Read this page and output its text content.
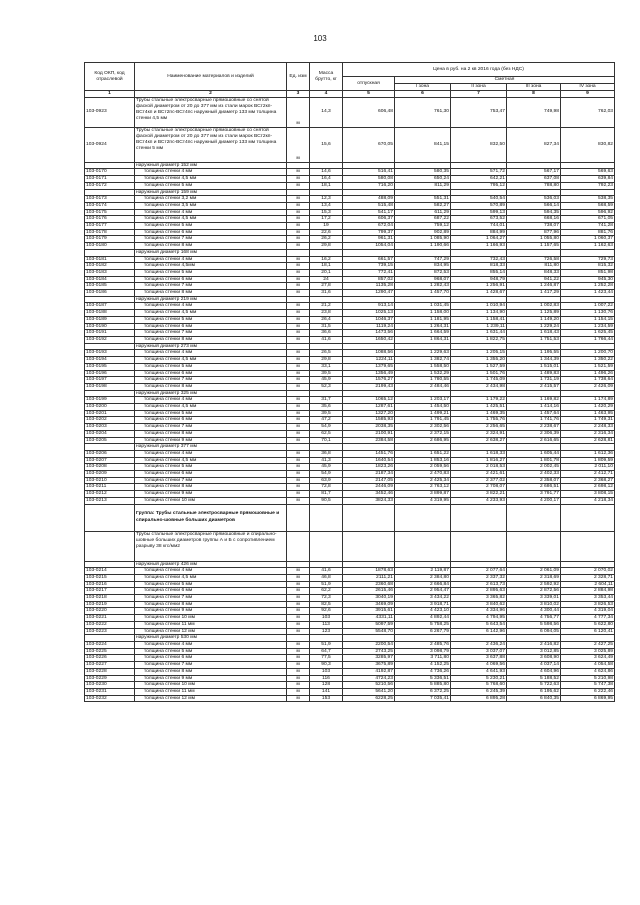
103
Код ОКП, код отраслевой	Наименование материалов и изделий	Ед. изм	Масса брутто, кг	Цена в руб. на 2 кв 2016 года (без НДС)				
				отпускная	Сметная			
					I зона	II зона	III зона	IV зона
1	2	3	4	5	6	7	8	9
103-0923	Трубы стальные электросварные прямошовные со снятой фаской диаметром от 20 до 377 мм из стали марок ВСт2кп-ВСт4кп и ВСт2пс-ВСт4пс наружный диаметр 133 мм толщина стенки 4,5 мм	м	14,3	606,48	761,30	753,47	749,98	762,03
103-0924	Трубы стальные электросварные прямошовные со снятой фаской диаметром от 20 до 377 мм из стали марок ВСт2кп-ВСт4кп и ВСт2пс-ВСт4пс наружный диаметр 133 мм толщина стенки 5 мм	м	15,6	670,05	841,15	832,50	827,34	830,82
	наружный диаметр 152 мм							
103-0170	толщина стенки 4 мм	м	14,6	516,41	580,35	571,72	567,17	569,63
103-0171	толщина стенки 4,5 мм	м	16,4	580,08	650,24	642,21	637,08	639,84
103-0172	толщина стенки 5 мм	м	18,1	716,20	811,29	795,12	788,80	792,23
	наружный диаметр 159 мм							
103-0173	толщина стенки 3,2 мм	м	12,3	488,09	551,31	540,54	536,03	538,35
103-0174	толщина стенки 3,5 мм	м	13,4	515,48	582,27	570,89	566,14	568,59
103-0175	толщина стенки 4 мм	м	15,3	541,17	611,29	599,13	594,35	596,92
103-0176	толщина стенки 4,5 мм	м	17,2	606,37	687,22	673,52	668,16	671,05
103-0177	толщина стенки 5 мм	м	19	672,04	759,12	744,01	738,07	741,28
103-0178	толщина стенки 6 мм	м	22,6	799,37	902,89	884,99	877,96	881,76
103-0179	толщина стенки 7 мм	м	26,2	961,31	1 085,90	1 064,27	1 055,80	1 060,37
103-0180	толщина стенки 8 мм	м	29,8	1054,04	1 190,66	1 166,93	1 157,65	1 162,63
	наружный диаметр 168 мм							
103-0181	толщина стенки 4 мм	м	16,2	661,57	747,29	732,43	726,58	729,73
103-0182	толщина стенки 4,5мм	м	18,1	739,15	834,95	818,33	811,80	815,32
103-0183	толщина стенки 5 мм	м	20,1	772,41	872,53	855,14	848,33	851,98
103-0184	толщина стенки 6 мм	м	24	857,02	968,07	948,79	941,22	945,30
103-0185	толщина стенки 7 мм	м	27,8	1135,28	1 282,43	1 256,91	1 246,87	1 252,28
103-0186	толщина стенки 8 мм	м	31,6	1290,47	1 457,70	1 428,67	1 417,29	1 423,44
	наружный диаметр 219 мм							
103-0187	толщина стенки 4 мм	м	21,2	913,14	1 031,45	1 010,94	1 002,83	1 007,22
103-0188	толщина стенки 4,5 мм	м	23,8	1025,13	1 158,00	1 134,90	1 125,89	1 130,76
103-0189	толщина стенки 5 мм	м	26,4	1046,37	1 181,95	1 158,41	1 149,20	1 154,15
103-0190	толщина стенки 6 мм	м	31,5	1119,24	1 264,31	1 239,11	1 229,24	1 234,59
103-0191	толщина стенки 7 мм	м	36,6	1473,56	1 664,59	1 631,44	1 618,43	1 625,45
103-0192	толщина стенки 8 мм	м	41,6	1650,42	1 864,31	1 822,75	1 751,53	1 766,44
	наружный диаметр 273 мм							
103-0193	толщина стенки 4 мм	м	26,5	1088,56	1 229,63	1 205,15	1 195,55	1 200,70
103-0194	толщина стенки 4,5 мм	м	29,8	1224,11	1 382,74	1 355,20	1 344,39	1 350,22
103-0195	толщина стенки 5 мм	м	33,1	1379,65	1 558,50	1 527,59	1 515,01	1 521,59
103-0196	толщина стенки 6 мм	м	39,5	1356,49	1 532,29	1 501,76	1 489,83	1 496,26
103-0197	толщина стенки 7 мм	м	45,9	1576,27	1 780,55	1 745,09	1 731,19	1 738,64
103-0198	толщина стенки 8 мм	м	52,3	2199,43	2 484,46	2 434,98	2 415,57	2 426,09
	наружный диаметр 325 мм							
103-0199	толщина стенки 4 мм	м	31,7	1065,12	1 203,17	1 179,22	1 169,82	1 174,89
103-0200	толщина стенки 4,5 мм	м	35,6	1287,61	1 454,50	1 425,51	1 414,16	1 420,29
103-0201	толщина стенки 5 мм	м	39,5	1327,20	1 499,21	1 469,35	1 457,64	1 463,95
103-0202	толщина стенки 6 мм	м	47,2	1585,93	1 791,45	1 755,76	1 741,76	1 749,31
103-0203	толщина стенки 7 мм	м	54,9	2038,35	2 302,56	2 256,65	2 238,67	2 248,33
103-0204	толщина стенки 8 мм	м	62,5	2100,91	2 372,15	2 324,91	2 306,39	2 316,34
103-0205	толщина стенки 9 мм	м	70,1	2384,58	2 686,95	2 638,27	2 616,65	2 628,81
	наружный диаметр 377 мм							
103-0206	толщина стенки 4 мм	м	36,8	1451,76	1 651,22	1 618,33	1 605,44	1 612,36
103-0207	толщина стенки 4,5 мм	м	41,3	1640,54	1 853,16	1 816,27	1 801,78	1 809,59
103-0208	толщина стенки 5 мм	м	45,9	1823,26	2 059,56	2 018,53	2 002,45	2 011,10
103-0209	толщина стенки 6 мм	м	54,9	2187,34	2 470,83	2 421,61	2 402,33	2 412,71
103-0210	толщина стенки 7 мм	м	63,9	2147,05	2 425,34	2 377,02	2 358,07	2 368,27
103-0211	толщина стенки 8 мм	м	72,8	2446,09	2 763,12	2 708,07	2 686,51	2 698,12
103-0212	толщина стенки 9 мм	м	81,7	3452,46	3 899,87	3 822,21	3 791,77	3 808,15
103-0213	толщина стенки 10 мм	м	90,5	3824,33	4 319,95	4 233,93	4 200,17	4 218,34
	Группа: Трубы стальные электросварные прямошовные и спирально-шовные больших диаметров							
	Трубы стальные электросварные прямошовные и спирально-шовные больших диаметров группы А и Б с сопротивлением разрыву 38 кгс/мм2							
	наружный диаметр 426 мм							
103-0214	толщина стенки 4 мм	м	41,6	1878,63	2 119,87	2 077,64	2 061,09	2 070,02
103-0215	толщина стенки 4,5 мм	м	46,8	2111,21	2 384,80	2 337,32	2 318,69	2 328,71
103-0216	толщина стенки 5 мм	м	51,9	2360,68	2 666,84	2 613,73	2 592,92	2 604,11
103-0217	толщина стенки 6 мм	м	62,2	2615,46	2 954,47	2 895,63	2 872,56	2 884,98
103-0218	толщина стенки 7 мм	м	72,3	3040,19	3 434,22	3 365,82	3 339,01	3 353,44
103-0219	толщина стенки 8 мм	м	82,5	3469,09	3 918,71	3 840,62	3 810,02	3 826,53
103-0220	толщина стенки 9 мм	м	92,6	3915,61	4 423,10	4 334,96	4 300,44	4 319,04
103-0221	толщина стенки 10 мм	м	103	4331,11	4 892,44	4 794,95	4 756,77	4 777,34
103-0222	толщина стенки 11 мм	м	113	5097,59	5 758,25	5 643,54	5 598,56	5 622,80
103-0223	толщина стенки 12 мм	м	123	5548,70	6 267,79	6 142,96	6 094,05	6 120,41
	наружный диаметр 530 мм							
103-0224	толщина стенки 4 мм	м	51,9	2200,54	2 485,76	2 436,24	2 416,82	2 427,25
103-0225	толщина стенки 5 мм	м	64,7	2743,25	3 098,79	3 037,07	3 012,85	3 025,89
103-0226	толщина стенки 6 мм	м	77,5	3285,97	3 711,80	3 637,88	3 608,90	3 624,49
103-0227	толщина стенки 7 мм	м	90,3	3675,89	4 152,25	4 069,56	4 037,14	4 054,58
103-0228	толщина стенки 8 мм	м	103	4192,87	4 736,26	4 641,93	4 604,96	4 624,86
103-0229	толщина стенки 9 мм	м	116	4724,23	5 336,51	5 230,21	5 188,52	5 210,98
103-0230	толщина стенки 10 мм	м	128	5210,56	5 885,80	5 768,60	5 722,63	5 747,38
103-0231	толщина стенки 11 мм	м	141	5641,20	6 372,25	6 245,39	6 195,62	6 222,46
103-0232	толщина стенки 12 мм	м	153	6228,25	7 035,41	6 895,28	6 840,35	6 869,95
